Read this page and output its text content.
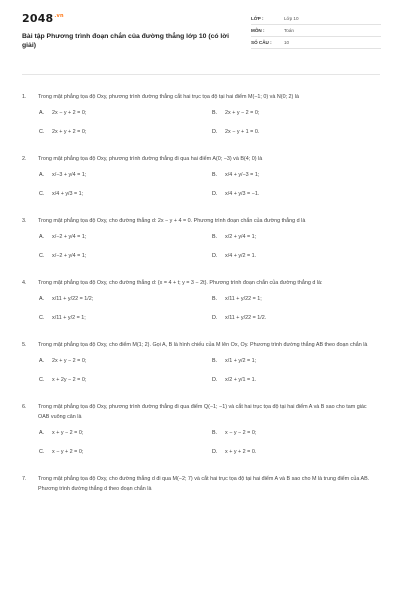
$2048^{.vn}$
Bài tập Phương trình đoạn chắn của đường thẳng lớp 10 (có lời giải)
LỚP :	Lớp 10
MÔN :	Toán
SỐ CÂU :	10
1.	Trong mặt phẳng tọa độ Oxy, phương trình đường thẳng cắt hai trục tọa độ tại hai điểm M(−1; 0) và N(0; 2) là
A.	2x − y + 2 = 0;	B.	2x + y − 2 = 0;
C.	2x + y + 2 = 0;	D.	2x − y + 1 = 0.
2.	Trong mặt phẳng tọa độ Oxy, phương trình đường thẳng đi qua hai điểm A(0; −3) và B(4; 0) là
A.	x/−3 + y/4 = 1;	B.	x/4 + y/−3 = 1;
C.	x/4 + y/3 = 1;	D.	x/4 + y/3 = −1.
3.	Trong mặt phẳng tọa độ Oxy, cho đường thẳng d: 2x − y + 4 = 0. Phương trình đoạn chắn của đường thẳng d là
A.	x/−2 + y/4 = 1;	B.	x/2 + y/4 = 1;
C.	x/−2 + y/4 = 1;	D.	x/4 + y/2 = 1.
4.	Trong mặt phẳng tọa độ Oxy, cho đường thẳng d: {x = 4 + t; y = 3 − 2t}. Phương trình đoạn chắn của đường thẳng d là:
A.	x/11 + y/22 = 1/2;	B.	x/11 + y/22 = 1;
C.	x/11 + y/2 = 1;	D.	x/11 + y/22 = 1/2.
5.	Trong mặt phẳng tọa độ Oxy, cho điểm M(1; 2). Gọi A, B là hình chiếu của M lên Ox, Oy. Phương trình đường thẳng AB theo đoạn chắn là
A.	2x + y − 2 = 0;	B.	x/1 + y/2 = 1;
C.	x + 2y − 2 = 0;	D.	x/2 + y/1 = 1.
6.	Trong mặt phẳng tọa độ Oxy, phương trình đường thẳng đi qua điểm Q(−1; −1) và cắt hai trục tọa độ tại hai điểm A và B sao cho tam giác OAB vuông cân là
A.	x + y − 2 = 0;	B.	x − y − 2 = 0;
C.	x − y + 2 = 0;	D.	x + y + 2 = 0.
7.	Trong mặt phẳng tọa độ Oxy, cho đường thẳng d đi qua M(−2; 7) và cắt hai trục tọa độ tại hai điểm A và B sao cho M là trung điểm của AB. Phương trình đường thẳng d theo đoạn chắn là
